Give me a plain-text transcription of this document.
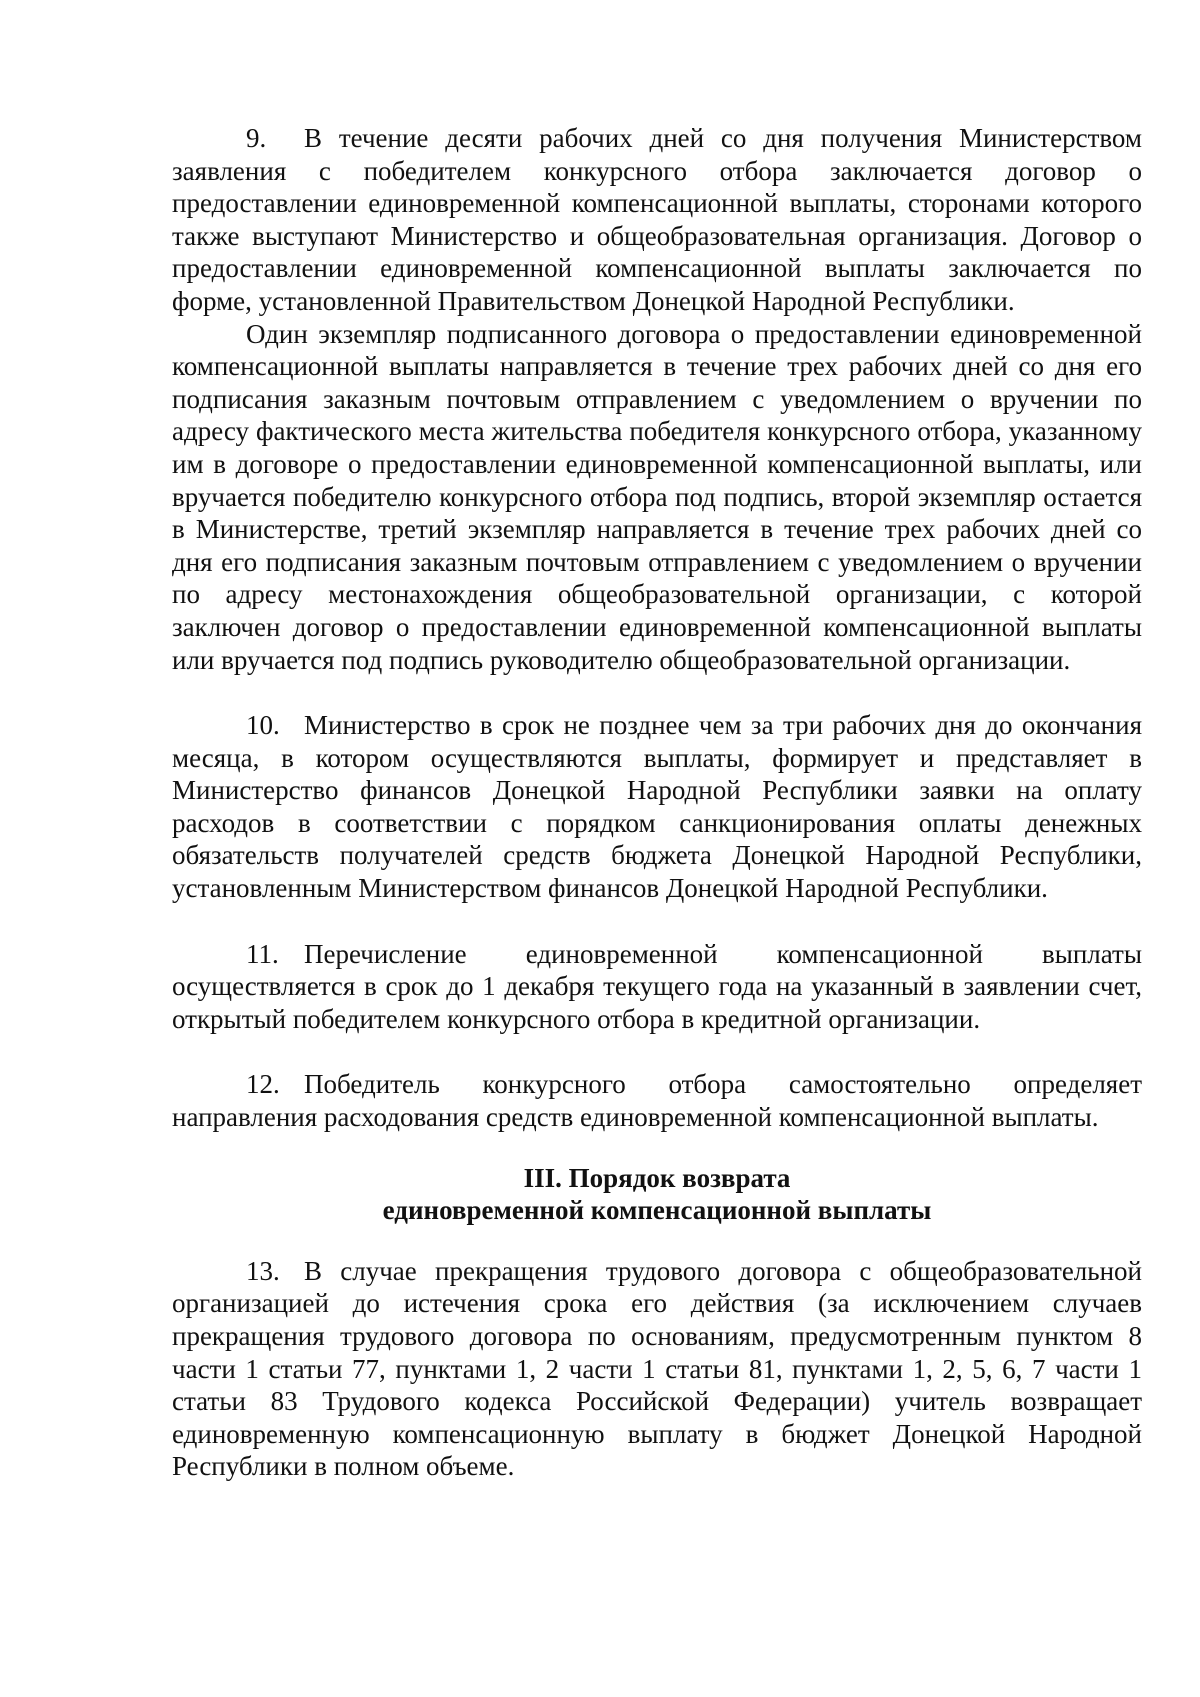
9. В течение десяти рабочих дней со дня получения Министерством заявления с победителем конкурсного отбора заключается договор о предоставлении единовременной компенсационной выплаты, сторонами которого также выступают Министерство и общеобразовательная организация. Договор о предоставлении единовременной компенсационной выплаты заключается по форме, установленной Правительством Донецкой Народной Республики.

Один экземпляр подписанного договора о предоставлении единовременной компенсационной выплаты направляется в течение трех рабочих дней со дня его подписания заказным почтовым отправлением с уведомлением о вручении по адресу фактического места жительства победителя конкурсного отбора, указанному им в договоре о предоставлении единовременной компенсационной выплаты, или вручается победителю конкурсного отбора под подпись, второй экземпляр остается в Министерстве, третий экземпляр направляется в течение трех рабочих дней со дня его подписания заказным почтовым отправлением с уведомлением о вручении по адресу местонахождения общеобразовательной организации, с которой заключен договор о предоставлении единовременной компенсационной выплаты или вручается под подпись руководителю общеобразовательной организации.

10. Министерство в срок не позднее чем за три рабочих дня до окончания месяца, в котором осуществляются выплаты, формирует и представляет в Министерство финансов Донецкой Народной Республики заявки на оплату расходов в соответствии с порядком санкционирования оплаты денежных обязательств получателей средств бюджета Донецкой Народной Республики, установленным Министерством финансов Донецкой Народной Республики.

11. Перечисление единовременной компенсационной выплаты осуществляется в срок до 1 декабря текущего года на указанный в заявлении счет, открытый победителем конкурсного отбора в кредитной организации.

12. Победитель конкурсного отбора самостоятельно определяет направления расходования средств единовременной компенсационной выплаты.

III. Порядок возврата

единовременной компенсационной выплаты

13. В случае прекращения трудового договора с общеобразовательной организацией до истечения срока его действия (за исключением случаев прекращения трудового договора по основаниям, предусмотренным пунктом 8 части 1 статьи 77, пунктами 1, 2 части 1 статьи 81, пунктами 1, 2, 5, 6, 7 части 1 статьи 83 Трудового кодекса Российской Федерации) учитель возвращает единовременную компенсационную выплату в бюджет Донецкой Народной Республики в полном объеме.
